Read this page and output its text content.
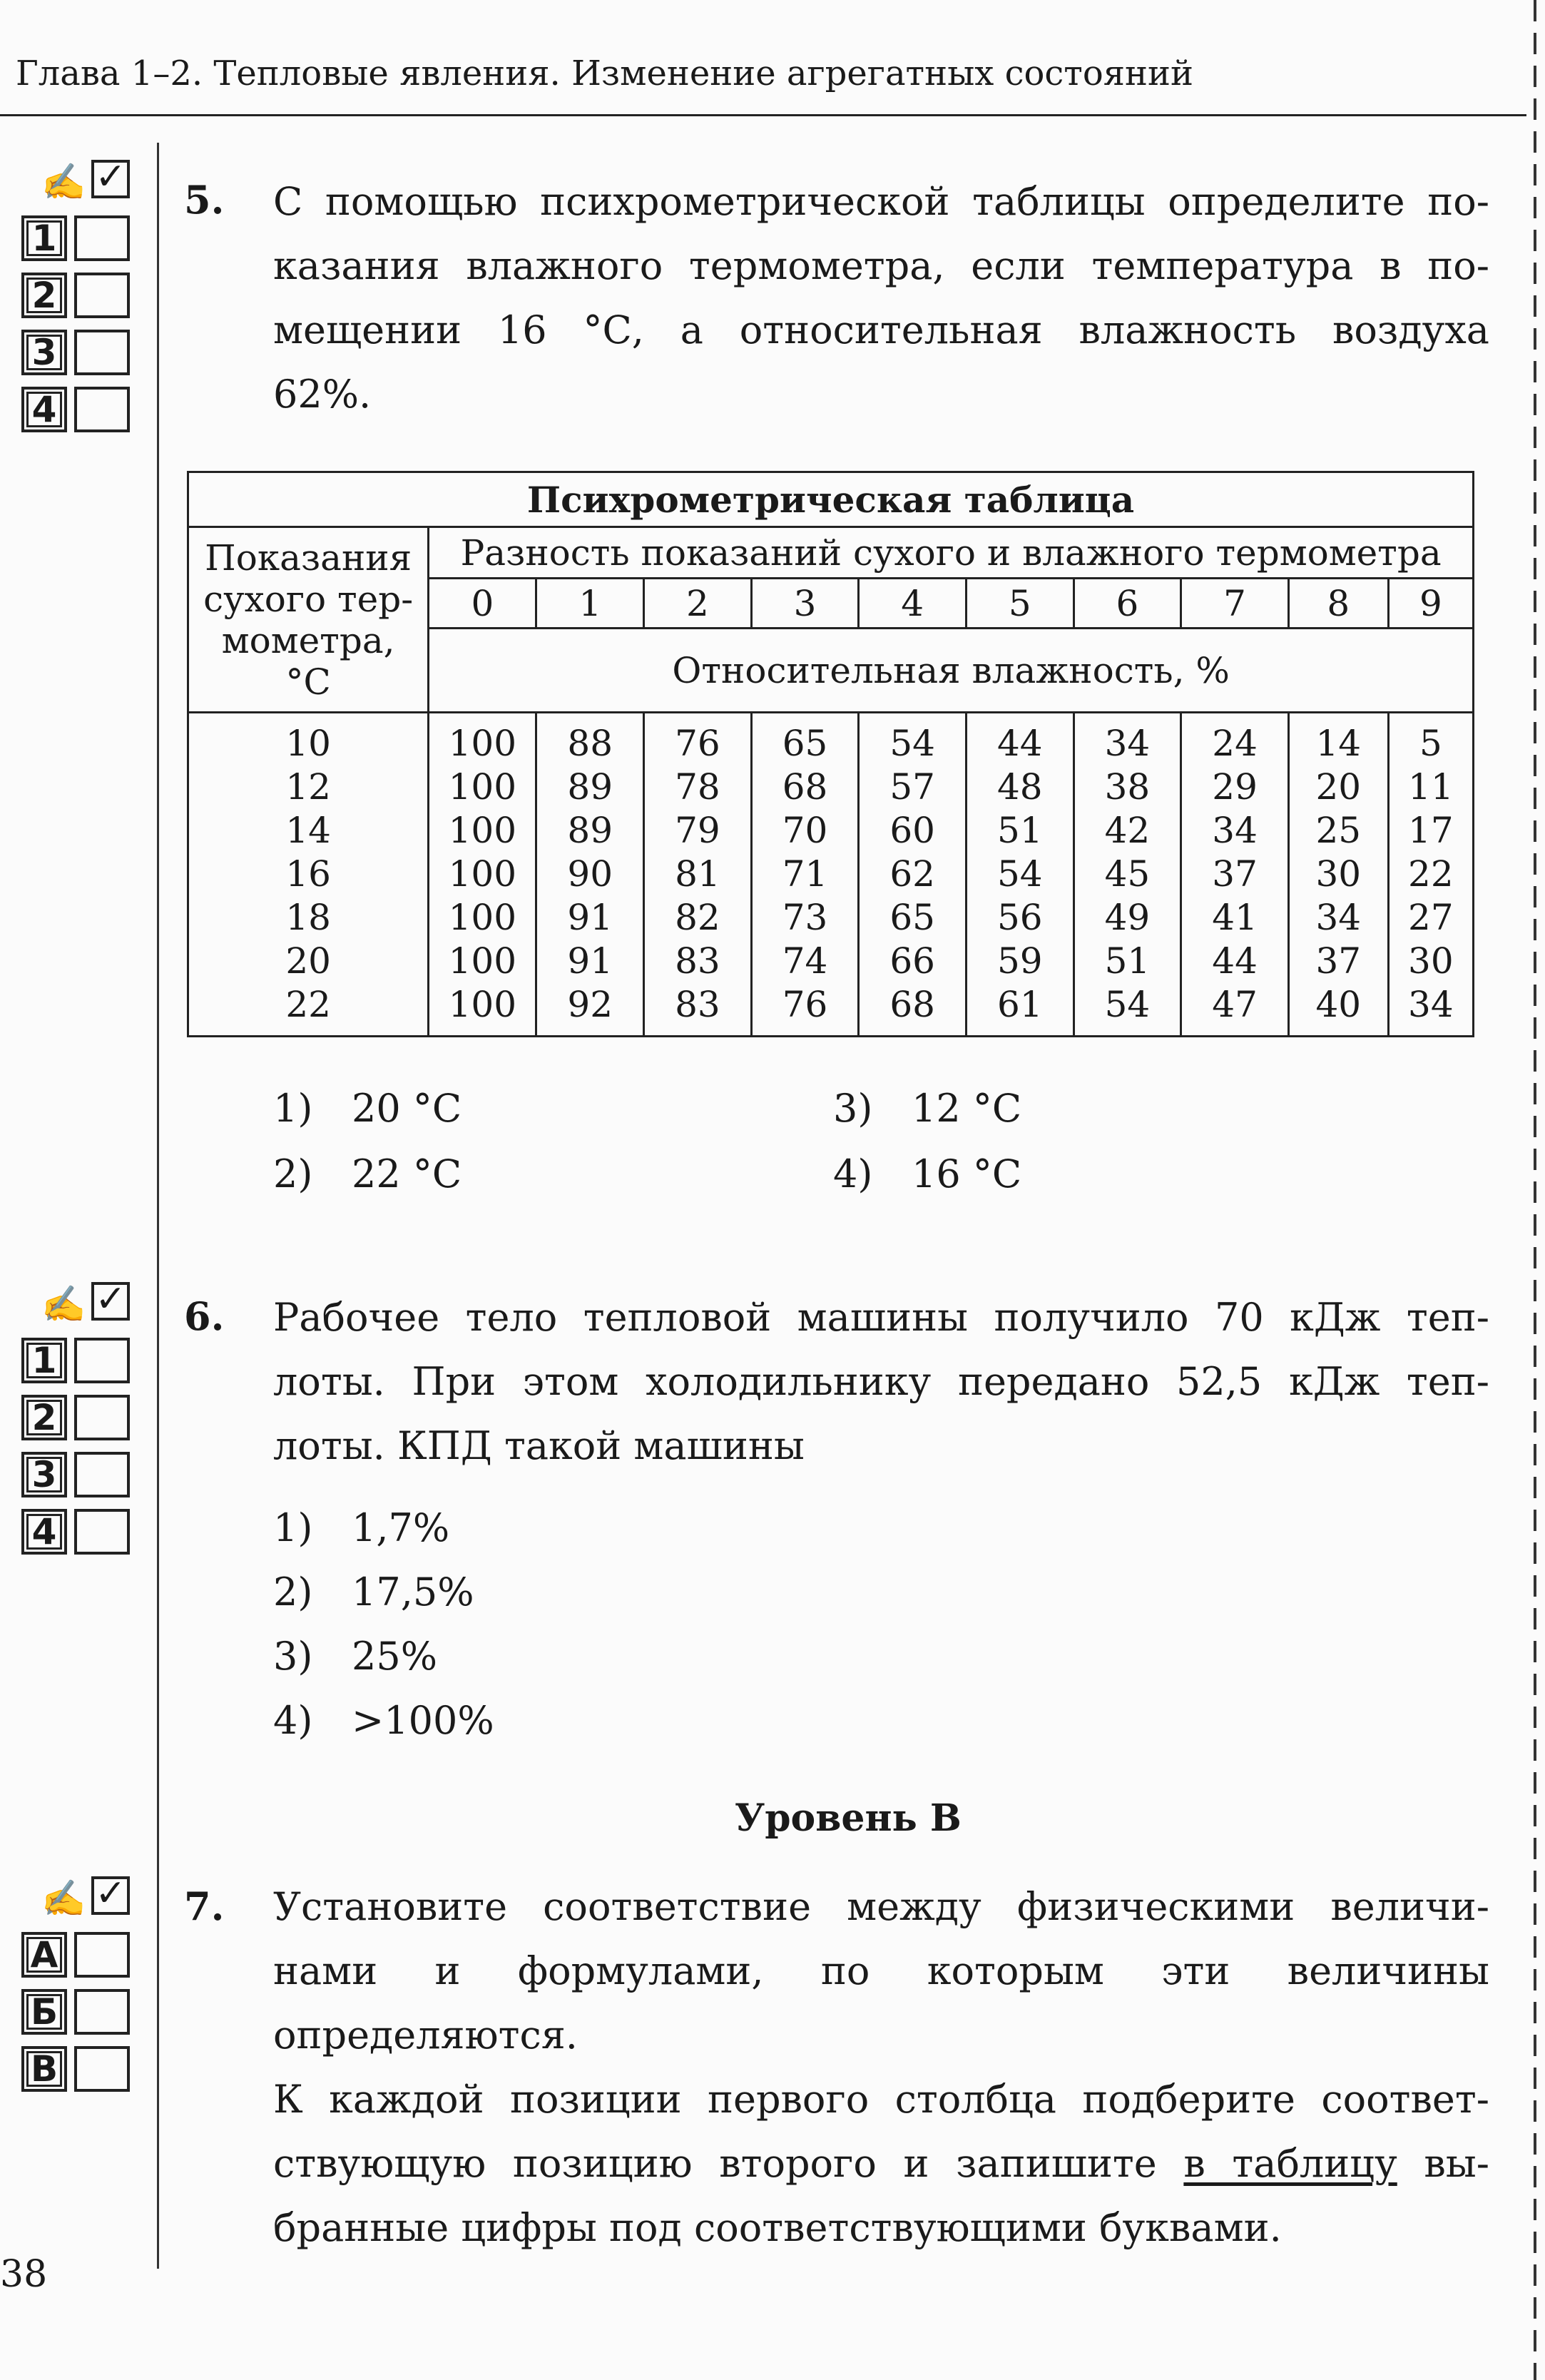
Глава 1–2. Тепловые явления. Изменение агрегатных состояний
✍ ✓
1
2
3
4
5. С помощью психрометрической таблицы определите по-
казания влажного термометра, если температура в по-
мещении 16 °С, а относительная влажность воздуха
62%.
Психрометрическая таблица										

Показания
сухого тер-
мометра,
°С	Разность показаний сухого и влажного термометра									
	0	1	2	3	4	5	6	7	8	9
	Относительная влажность, %									
10	100	88	76	65	54	44	34	24	14	5
12	100	89	78	68	57	48	38	29	20	11
14	100	89	79	70	60	51	42	34	25	17
16	100	90	81	71	62	54	45	37	30	22
18	100	91	82	73	65	56	49	41	34	27
20	100	91	83	74	66	59	51	44	37	30
22	100	92	83	76	68	61	54	47	40	34
1) 20 °С
2) 22 °С
3) 12 °С
4) 16 °С
✍ ✓
1
2
3
4
6. Рабочее тело тепловой машины получило 70 кДж теп-
лоты. При этом холодильнику передано 52,5 кДж теп-
лоты. КПД такой машины
1) 1,7%
2) 17,5%
3) 25%
4) >100%
Уровень В
✍ ✓
А
Б
В
7. Установите соответствие между физическими величи-
нами и формулами, по которым эти величины
определяются.
К каждой позиции первого столбца подберите соответ-
ствующую позицию второго и запишите в таблицу вы-
бранные цифры под соответствующими буквами.
38
